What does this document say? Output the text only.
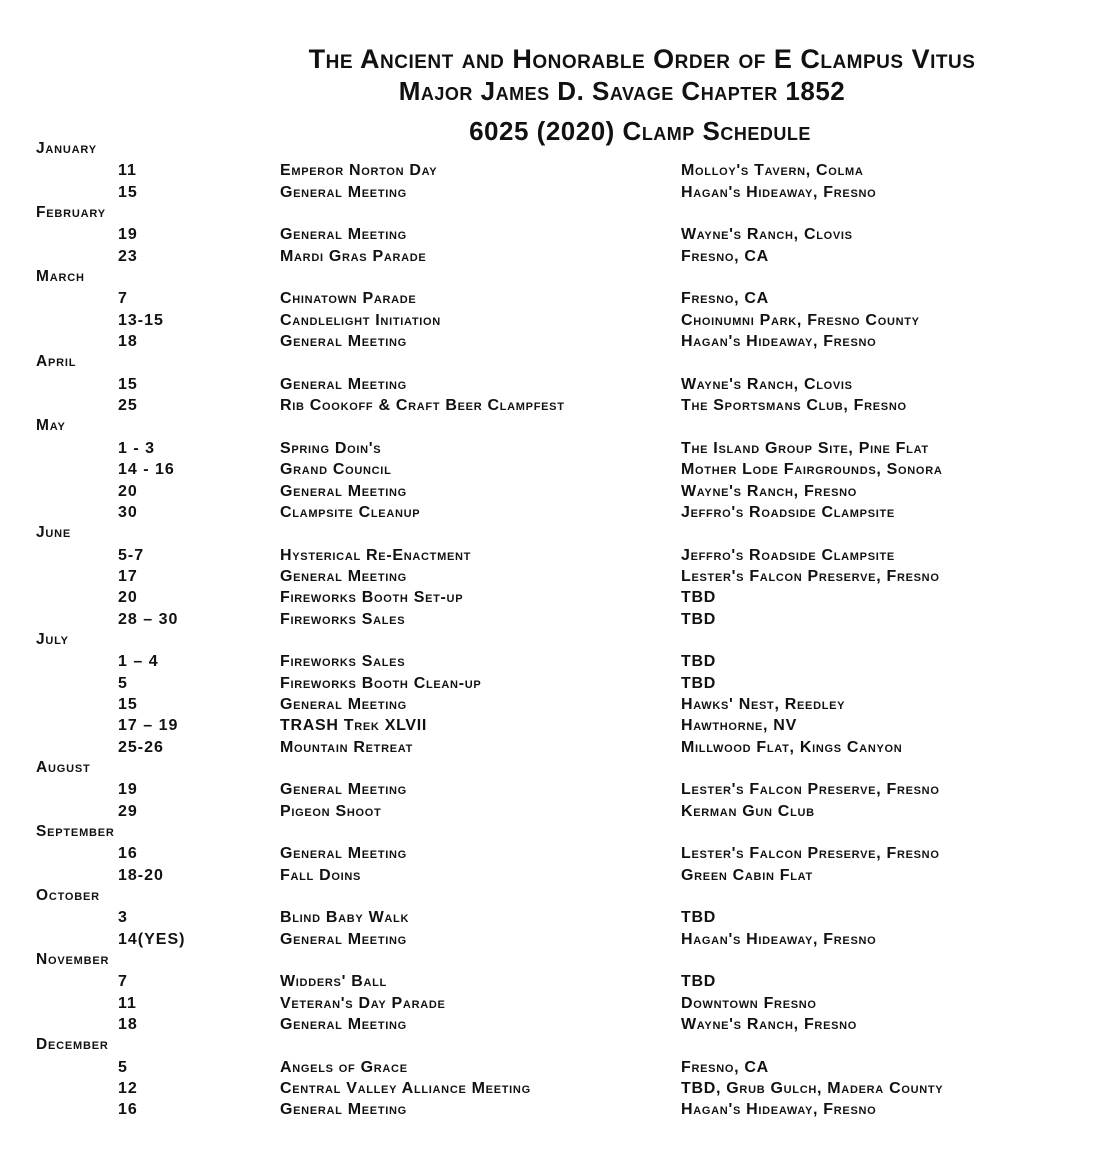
The Ancient and Honorable Order of E Clampus Vitus
Major James D. Savage Chapter 1852
6025 (2020) Clamp Schedule
January
11	Emperor Norton Day	Molloy's Tavern, Colma
15	General Meeting	Hagan's Hideaway, Fresno
February
19	General Meeting	Wayne's Ranch, Clovis
23	Mardi Gras Parade	Fresno, CA
March
7	Chinatown Parade	Fresno, CA
13-15	Candlelight Initiation	Choinumni Park, Fresno County
18	General Meeting	Hagan's Hideaway, Fresno
April
15	General Meeting	Wayne's Ranch, Clovis
25	Rib Cookoff & Craft Beer Clampfest	The Sportsmans Club, Fresno
May
1 - 3	Spring Doin's	The Island Group Site, Pine Flat
14 - 16	Grand Council	Mother Lode Fairgrounds, Sonora
20	General Meeting	Wayne's Ranch, Fresno
30	Clampsite Cleanup	Jeffro's Roadside Clampsite
June
5-7	Hysterical Re-Enactment	Jeffro's Roadside Clampsite
17	General Meeting	Lester's Falcon Preserve, Fresno
20	Fireworks Booth Set-up	TBD
28 – 30	Fireworks Sales	TBD
July
1 – 4	Fireworks Sales	TBD
5	Fireworks Booth Clean-up	TBD
15	General Meeting	Hawks' Nest, Reedley
17 – 19	TRASH Trek XLVII	Hawthorne, NV
25-26	Mountain Retreat	Millwood Flat, Kings Canyon
August
19	General Meeting	Lester's Falcon Preserve, Fresno
29	Pigeon Shoot	Kerman Gun Club
September
16	General Meeting	Lester's Falcon Preserve, Fresno
18-20	Fall Doins	Green Cabin Flat
October
3	Blind Baby Walk	TBD
14(YES)	General Meeting	Hagan's Hideaway, Fresno
November
7	Widders' Ball	TBD
11	Veteran's Day Parade	Downtown Fresno
18	General Meeting	Wayne's Ranch, Fresno
December
5	Angels of Grace	Fresno, CA
12	Central Valley Alliance Meeting	TBD, Grub Gulch, Madera County
16	General Meeting	Hagan's Hideaway, Fresno
